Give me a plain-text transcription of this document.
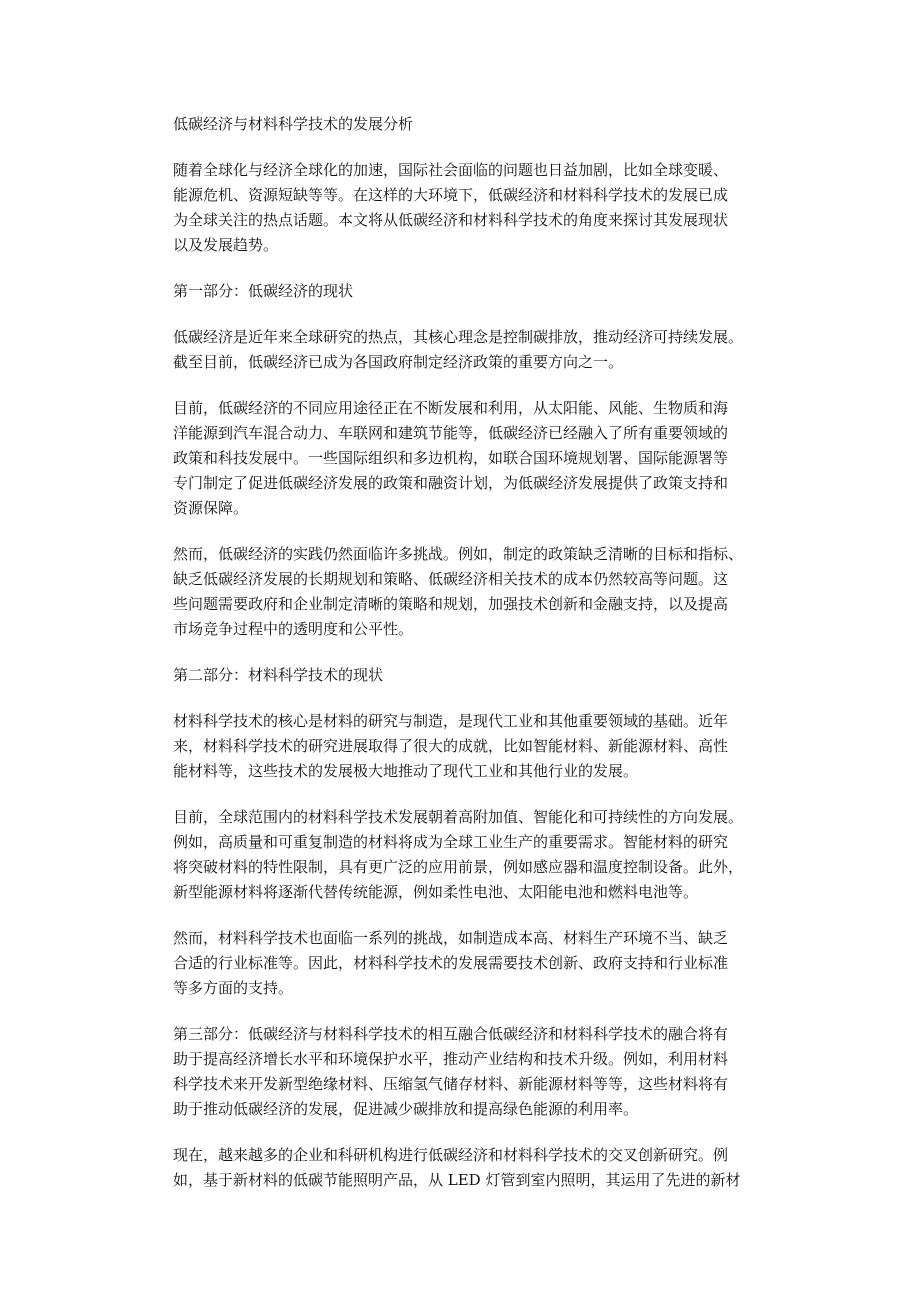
低碳经济与材料科学技术的发展分析

随着全球化与经济全球化的加速，国际社会面临的问题也日益加剧，比如全球变暖、
能源危机、资源短缺等等。在这样的大环境下，低碳经济和材料科学技术的发展已成
为全球关注的热点话题。本文将从低碳经济和材料科学技术的角度来探讨其发展现状
以及发展趋势。

第一部分：低碳经济的现状

低碳经济是近年来全球研究的热点，其核心理念是控制碳排放，推动经济可持续发展。
截至目前，低碳经济已成为各国政府制定经济政策的重要方向之一。

目前，低碳经济的不同应用途径正在不断发展和利用，从太阳能、风能、生物质和海
洋能源到汽车混合动力、车联网和建筑节能等，低碳经济已经融入了所有重要领域的
政策和科技发展中。一些国际组织和多边机构，如联合国环境规划署、国际能源署等
专门制定了促进低碳经济发展的政策和融资计划，为低碳经济发展提供了政策支持和
资源保障。

然而，低碳经济的实践仍然面临许多挑战。例如，制定的政策缺乏清晰的目标和指标、
缺乏低碳经济发展的长期规划和策略、低碳经济相关技术的成本仍然较高等问题。这
些问题需要政府和企业制定清晰的策略和规划，加强技术创新和金融支持，以及提高
市场竞争过程中的透明度和公平性。

第二部分：材料科学技术的现状

材料科学技术的核心是材料的研究与制造，是现代工业和其他重要领域的基础。近年
来，材料科学技术的研究进展取得了很大的成就，比如智能材料、新能源材料、高性
能材料等，这些技术的发展极大地推动了现代工业和其他行业的发展。

目前，全球范围内的材料科学技术发展朝着高附加值、智能化和可持续性的方向发展。
例如，高质量和可重复制造的材料将成为全球工业生产的重要需求。智能材料的研究
将突破材料的特性限制，具有更广泛的应用前景，例如感应器和温度控制设备。此外，
新型能源材料将逐渐代替传统能源，例如柔性电池、太阳能电池和燃料电池等。

然而，材料科学技术也面临一系列的挑战，如制造成本高、材料生产环境不当、缺乏
合适的行业标准等。因此，材料科学技术的发展需要技术创新、政府支持和行业标准
等多方面的支持。

第三部分：低碳经济与材料科学技术的相互融合低碳经济和材料科学技术的融合将有
助于提高经济增长水平和环境保护水平，推动产业结构和技术升级。例如，利用材料
科学技术来开发新型绝缘材料、压缩氢气储存材料、新能源材料等等，这些材料将有
助于推动低碳经济的发展，促进减少碳排放和提高绿色能源的利用率。

现在，越来越多的企业和科研机构进行低碳经济和材料科学技术的交叉创新研究。例
如，基于新材料的低碳节能照明产品，从 LED 灯管到室内照明，其运用了先进的新材
